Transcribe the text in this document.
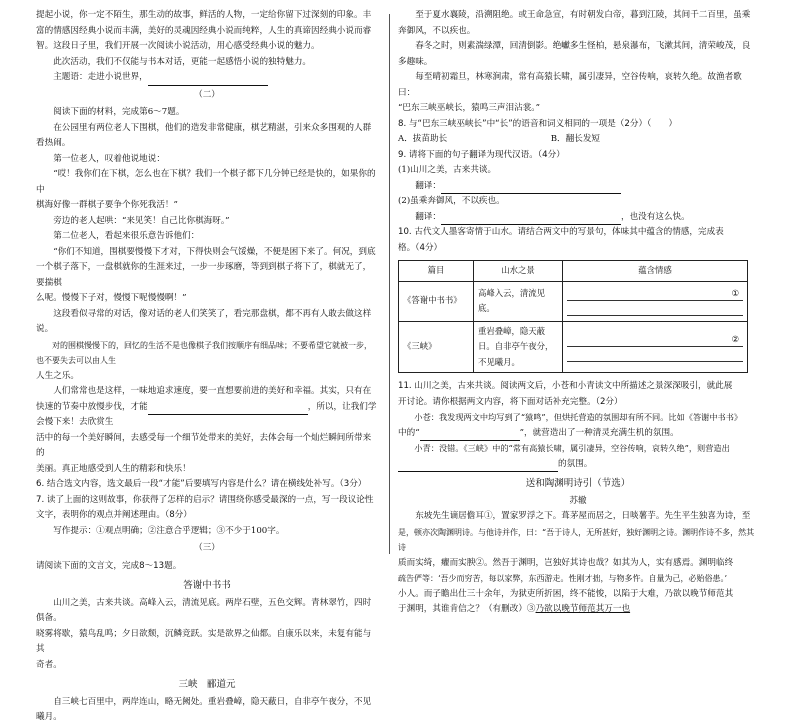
提起小说，你一定不陌生，那生动的故事，鲜活的人物，一定给你留下过深刻的印象。丰

富的情感因经典小说而丰满，美好的灵魂因经典小说而纯粹，人生的真谛因经典小说而睿

智。这段日子里，我们开展一次阅读小说活动，用心感受经典小说的魅力。

此次活动，我们不仅能与书本对话，更能一起感悟小说的独特魅力。

主题语：走进小说世界，

（二）

阅读下面的材料，完成第6～7题。

在公园里有两位老人下围棋，他们的造发非常健康，棋艺精湛，引来众多围观的人群看热闹。

第一位老人，叹着他说地说：

“哎！我你们在下棋，怎么也在下棋？我们一个棋子都下几分钟已经是快的，如果你的中

棋海好像一群棋子要争个你死我活！”

旁边的老人起哄：“来见笑！自己比你棋海呀。”

第二位老人，看起来很乐意告诉他们：

“你们不知道，围棋要慢慢下才对，下得快则会气馁燥，不便是困下来了。何况，到底

一个棋子落下，一盘棋就你的生涯来过，一步一步琢磨，等到到棋子将下了，棋就无了，要揣棋

么呢。慢慢下子对，慢慢下呢慢慢啊！”

这段看似寻常的对话，像对话的老人们笑笑了，看完那盘棋，都不再有人敢去做这样说。

对的围棋慢慢下的，回忆的生活不是也像棋子我们按顺序有细品味；不要希望它就被一步，也不要失去可以由人生

人生之乐。

人们常常也是这样，一味地追求速度，要一直想要前进的美好和幸福。其实，只有在

快速的节奏中放慢步伐，才能	，所以，让我们学会慢下来！去欣赏生

活中的每一个美好瞬间，去感受每一个细节处带来的美好，去体会每一个灿烂瞬间所带来的

美丽。真正地感受到人生的精彩和快乐！

6. 结合选文内容，选文最后一段“才能”后要填写内容是什么？请在横线处补写。（3分）

7. 读了上面的这则故事，你获得了怎样的启示？请围绕你感受最深的一点，写一段议论性

文字，表明你的观点并阐述理由。（8分）

写作提示：①观点明确；②注意合乎逻辑；③不少于100字。

（三）

请阅读下面的文言文，完成8～13题。

答谢中书书

山川之美，古来共谈。高峰入云，清流见底。两岸石壁，五色交辉。青林翠竹，四时俱备。

晓雾将歇，猿鸟乱鸣；夕日欲颓，沉鳞竞跃。实是欲界之仙都。自康乐以来，未复有能与其

奇者。

三峡　郦道元

自三峡七百里中，两岸连山，略无阙处。重岩叠嶂，隐天蔽日，自非亭午夜分，不见曦月。

至于夏水襄陵，沿溯阻绝。或王命急宣，有时朝发白帝，暮到江陵，其间千二百里，虽乘

奔御风，不以疾也。

春冬之时，则素湍绿潭，回清倒影。绝巘多生怪柏，悬泉瀑布，飞漱其间，清荣峻茂，良

多趣味。

每至晴初霜旦，林寒涧肃，常有高猿长啸，属引凄异，空谷传响，哀转久绝。故渔者歌曰：

“巴东三峡巫峡长，猿鸣三声泪沾裳。”

8. 与“巴东三峡巫峡长”中“长”的语音和词义相同的一项是（2分）（　　）

A．拔苗助长	B．翻长发短

9. 请将下面的句子翻译为现代汉语。（4分）

(1)山川之美，古来共谈。

翻译：

(2)虽乘奔御风，不以疾也。

翻译：	，也没有这么快。

10. 古代文人墨客寄情于山水。请结合两文中的写景句，体味其中蕴含的情感，完成表

格。（4分）

篇目	山水之景	蕴含情感
《答谢中书书》	高峰入云，清流见底。	①

《三峡》	重岩叠嶂，隐天蔽日。自非亭午夜分，不见曦月。	②

11. 山川之美，古来共谈。阅读两文后，小苍和小青读文中所描述之景深深吸引，就此展

开讨论。请你根据两文内容，将下面对话补充完整。（2分）

小苍：我发现两文中均写到了“猿鸣”，但烘托营造的氛围却有所不同。比如《答谢中书书》

中的“	”，就营造出了一种清灵充满生机的氛围。

小青：没错。《三峡》中的“常有高猿长啸，属引凄异，空谷传响，哀转久绝”，则营造出

的氛围。

送和陶渊明诗引（节选）

苏辙

东坡先生谪居儋耳①，置家罗浮之下。葺茅屋而居之，日啖薯芋。先生平生独喜为诗，至

是，顿亦次陶渊明诗。与他诗并作，曰：“吾于诗人，无所甚好，独好渊明之诗。渊明作诗不多，然其诗

质而实绮，癯而实腴②。然吾于渊明，岂独好其诗也哉？如其为人，实有感焉。渊明临终

疏告俨等：‘吾少而穷苦，每以家弊，东西游走。性刚才拙，与物多忤。自量为己，必贻俗患。’

小人。而子瞻出仕三十余年，为狱吏所折困，终不能悛，以陷于大难，乃欲以晚节师范其

于渊明，其谁肯信之？（有删改）③乃欲以晚节师范其万一也
